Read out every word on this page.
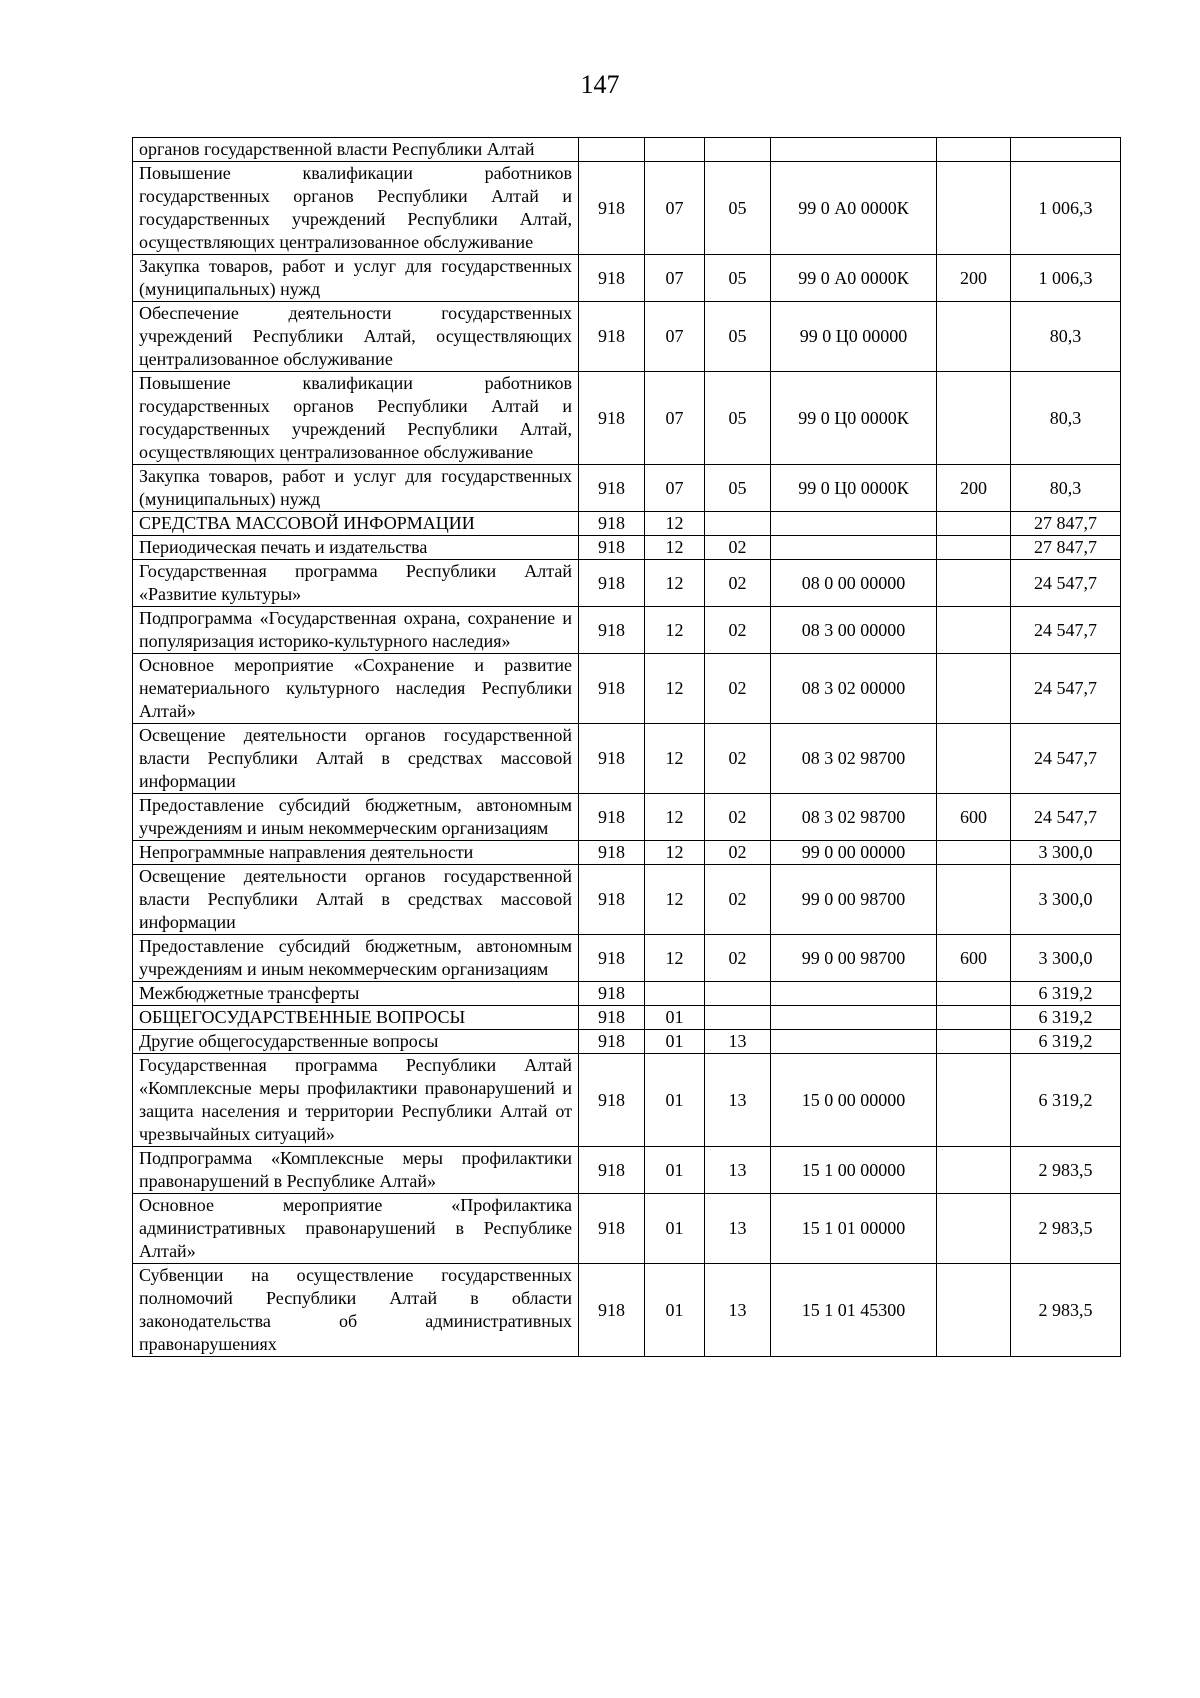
147
органов государственной власти Республики Алтай						
Повышение квалификации работников государственных органов Республики Алтай и государственных учреждений Республики Алтай, осуществляющих централизованное обслуживание	918	07	05	99 0 А0 0000К		1 006,3
Закупка товаров, работ и услуг для государственных (муниципальных) нужд	918	07	05	99 0 А0 0000К	200	1 006,3
Обеспечение деятельности государственных учреждений Республики Алтай, осуществляющих централизованное обслуживание	918	07	05	99 0 Ц0 00000		80,3
Повышение квалификации работников государственных органов Республики Алтай и государственных учреждений Республики Алтай, осуществляющих централизованное обслуживание	918	07	05	99 0 Ц0 0000К		80,3
Закупка товаров, работ и услуг для государственных (муниципальных) нужд	918	07	05	99 0 Ц0 0000К	200	80,3
СРЕДСТВА МАССОВОЙ ИНФОРМАЦИИ	918	12				27 847,7
Периодическая печать и издательства	918	12	02			27 847,7
Государственная программа Республики Алтай «Развитие культуры»	918	12	02	08 0 00 00000		24 547,7
Подпрограмма «Государственная охрана, сохранение и популяризация историко-культурного наследия»	918	12	02	08 3 00 00000		24 547,7
Основное мероприятие «Сохранение и развитие нематериального культурного наследия Республики Алтай»	918	12	02	08 3 02 00000		24 547,7
Освещение деятельности органов государственной власти Республики Алтай в средствах массовой информации	918	12	02	08 3 02 98700		24 547,7
Предоставление субсидий бюджетным, автономным учреждениям и иным некоммерческим организациям	918	12	02	08 3 02 98700	600	24 547,7
Непрограммные направления деятельности	918	12	02	99 0 00 00000		3 300,0
Освещение деятельности органов государственной власти Республики Алтай в средствах массовой информации	918	12	02	99 0 00 98700		3 300,0
Предоставление субсидий бюджетным, автономным учреждениям и иным некоммерческим организациям	918	12	02	99 0 00 98700	600	3 300,0
Межбюджетные трансферты	918					6 319,2
ОБЩЕГОСУДАРСТВЕННЫЕ ВОПРОСЫ	918	01				6 319,2
Другие общегосударственные вопросы	918	01	13			6 319,2
Государственная программа Республики Алтай «Комплексные меры профилактики правонарушений и защита населения и территории Республики Алтай от чрезвычайных ситуаций»	918	01	13	15 0 00 00000		6 319,2
Подпрограмма «Комплексные меры профилактики правонарушений в Республике Алтай»	918	01	13	15 1 00 00000		2 983,5
Основное мероприятие «Профилактика административных правонарушений в Республике Алтай»	918	01	13	15 1 01 00000		2 983,5
Субвенции на осуществление государственных полномочий Республики Алтай в области законодательства об административных правонарушениях	918	01	13	15 1 01 45300		2 983,5
